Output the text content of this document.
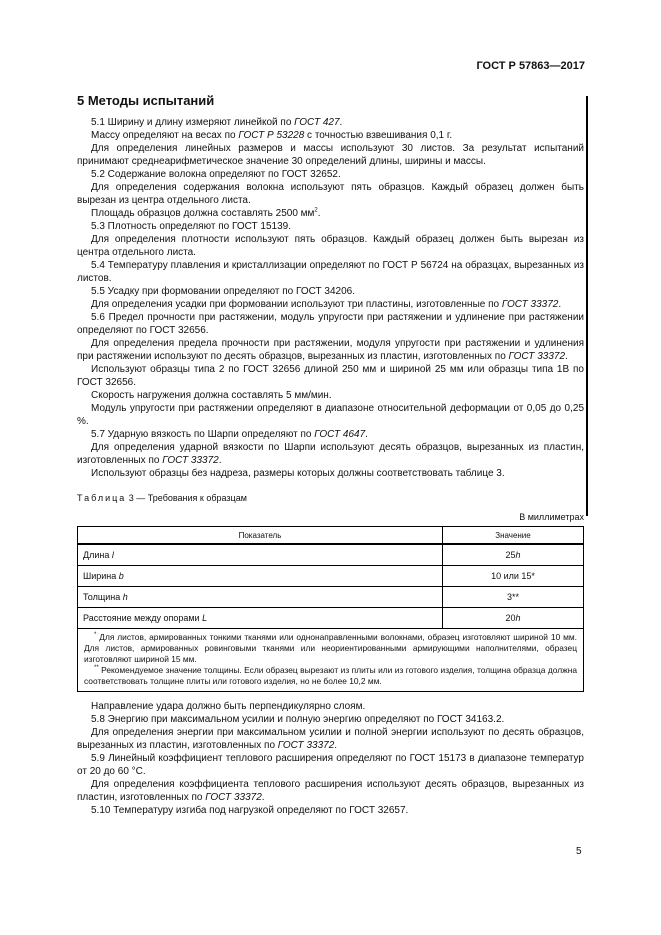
ГОСТ Р 57863—2017
5 Методы испытаний

5.1 Ширину и длину измеряют линейкой по ГОСТ 427.

Массу определяют на весах по ГОСТ Р 53228 с точностью взвешивания 0,1 г.

Для определения линейных размеров и массы используют 30 листов. За результат испытаний принимают среднеарифметическое значение 30 определений длины, ширины и массы.

5.2 Содержание волокна определяют по ГОСТ 32652.

Для определения содержания волокна используют пять образцов. Каждый образец должен быть вырезан из центра отдельного листа.

Площадь образцов должна составлять 2500 $мм^2$.

5.3 Плотность определяют по ГОСТ 15139.

Для определения плотности используют пять образцов. Каждый образец должен быть вырезан из центра отдельного листа.

5.4 Температуру плавления и кристаллизации определяют по ГОСТ Р 56724 на образцах, вырезанных из листов.

5.5 Усадку при формовании определяют по ГОСТ 34206.

Для определения усадки при формовании используют три пластины, изготовленные по ГОСТ 33372.

5.6 Предел прочности при растяжении, модуль упругости при растяжении и удлинение при растяжении определяют по ГОСТ 32656.

Для определения предела прочности при растяжении, модуля упругости при растяжении и удлинения при растяжении используют по десять образцов, вырезанных из пластин, изготовленных по ГОСТ 33372.

Используют образцы типа 2 по ГОСТ 32656 длиной 250 мм и шириной 25 мм или образцы типа 1В по ГОСТ 32656.

Скорость нагружения должна составлять 5 мм/мин.

Модуль упругости при растяжении определяют в диапазоне относительной деформации от 0,05 до 0,25 %.

5.7 Ударную вязкость по Шарпи определяют по ГОСТ 4647.

Для определения ударной вязкости по Шарпи используют десять образцов, вырезанных из пластин, изготовленных по ГОСТ 33372.

Используют образцы без надреза, размеры которых должны соответствовать таблице 3.

Таблица 3 — Требования к образцам
В миллиметрах
Показатель	Значение
Длина l	25h
Ширина b	10 или 15*
Толщина h	3**
Расстояние между опорами L	20h

* Для листов, армированных тонкими тканями или однонаправленными волокнами, образец изготовляют шириной 10 мм. Для листов, армированных ровинговыми тканями или неориентированными армирующими наполнителями, образец изготовляют шириной 15 мм.

** Рекомендуемое значение толщины. Если образец вырезают из плиты или из готового изделия, толщина образца должна соответствовать толщине плиты или готового изделия, но не более 10,2 мм.

Направление удара должно быть перпендикулярно слоям.

5.8 Энергию при максимальном усилии и полную энергию определяют по ГОСТ 34163.2.

Для определения энергии при максимальном усилии и полной энергии используют по десять образцов, вырезанных из пластин, изготовленных по ГОСТ 33372.

5.9 Линейный коэффициент теплового расширения определяют по ГОСТ 15173 в диапазоне температур от 20 до 60 °C.

Для определения коэффициента теплового расширения используют десять образцов, вырезанных из пластин, изготовленных по ГОСТ 33372.

5.10 Температуру изгиба под нагрузкой определяют по ГОСТ 32657.

5
